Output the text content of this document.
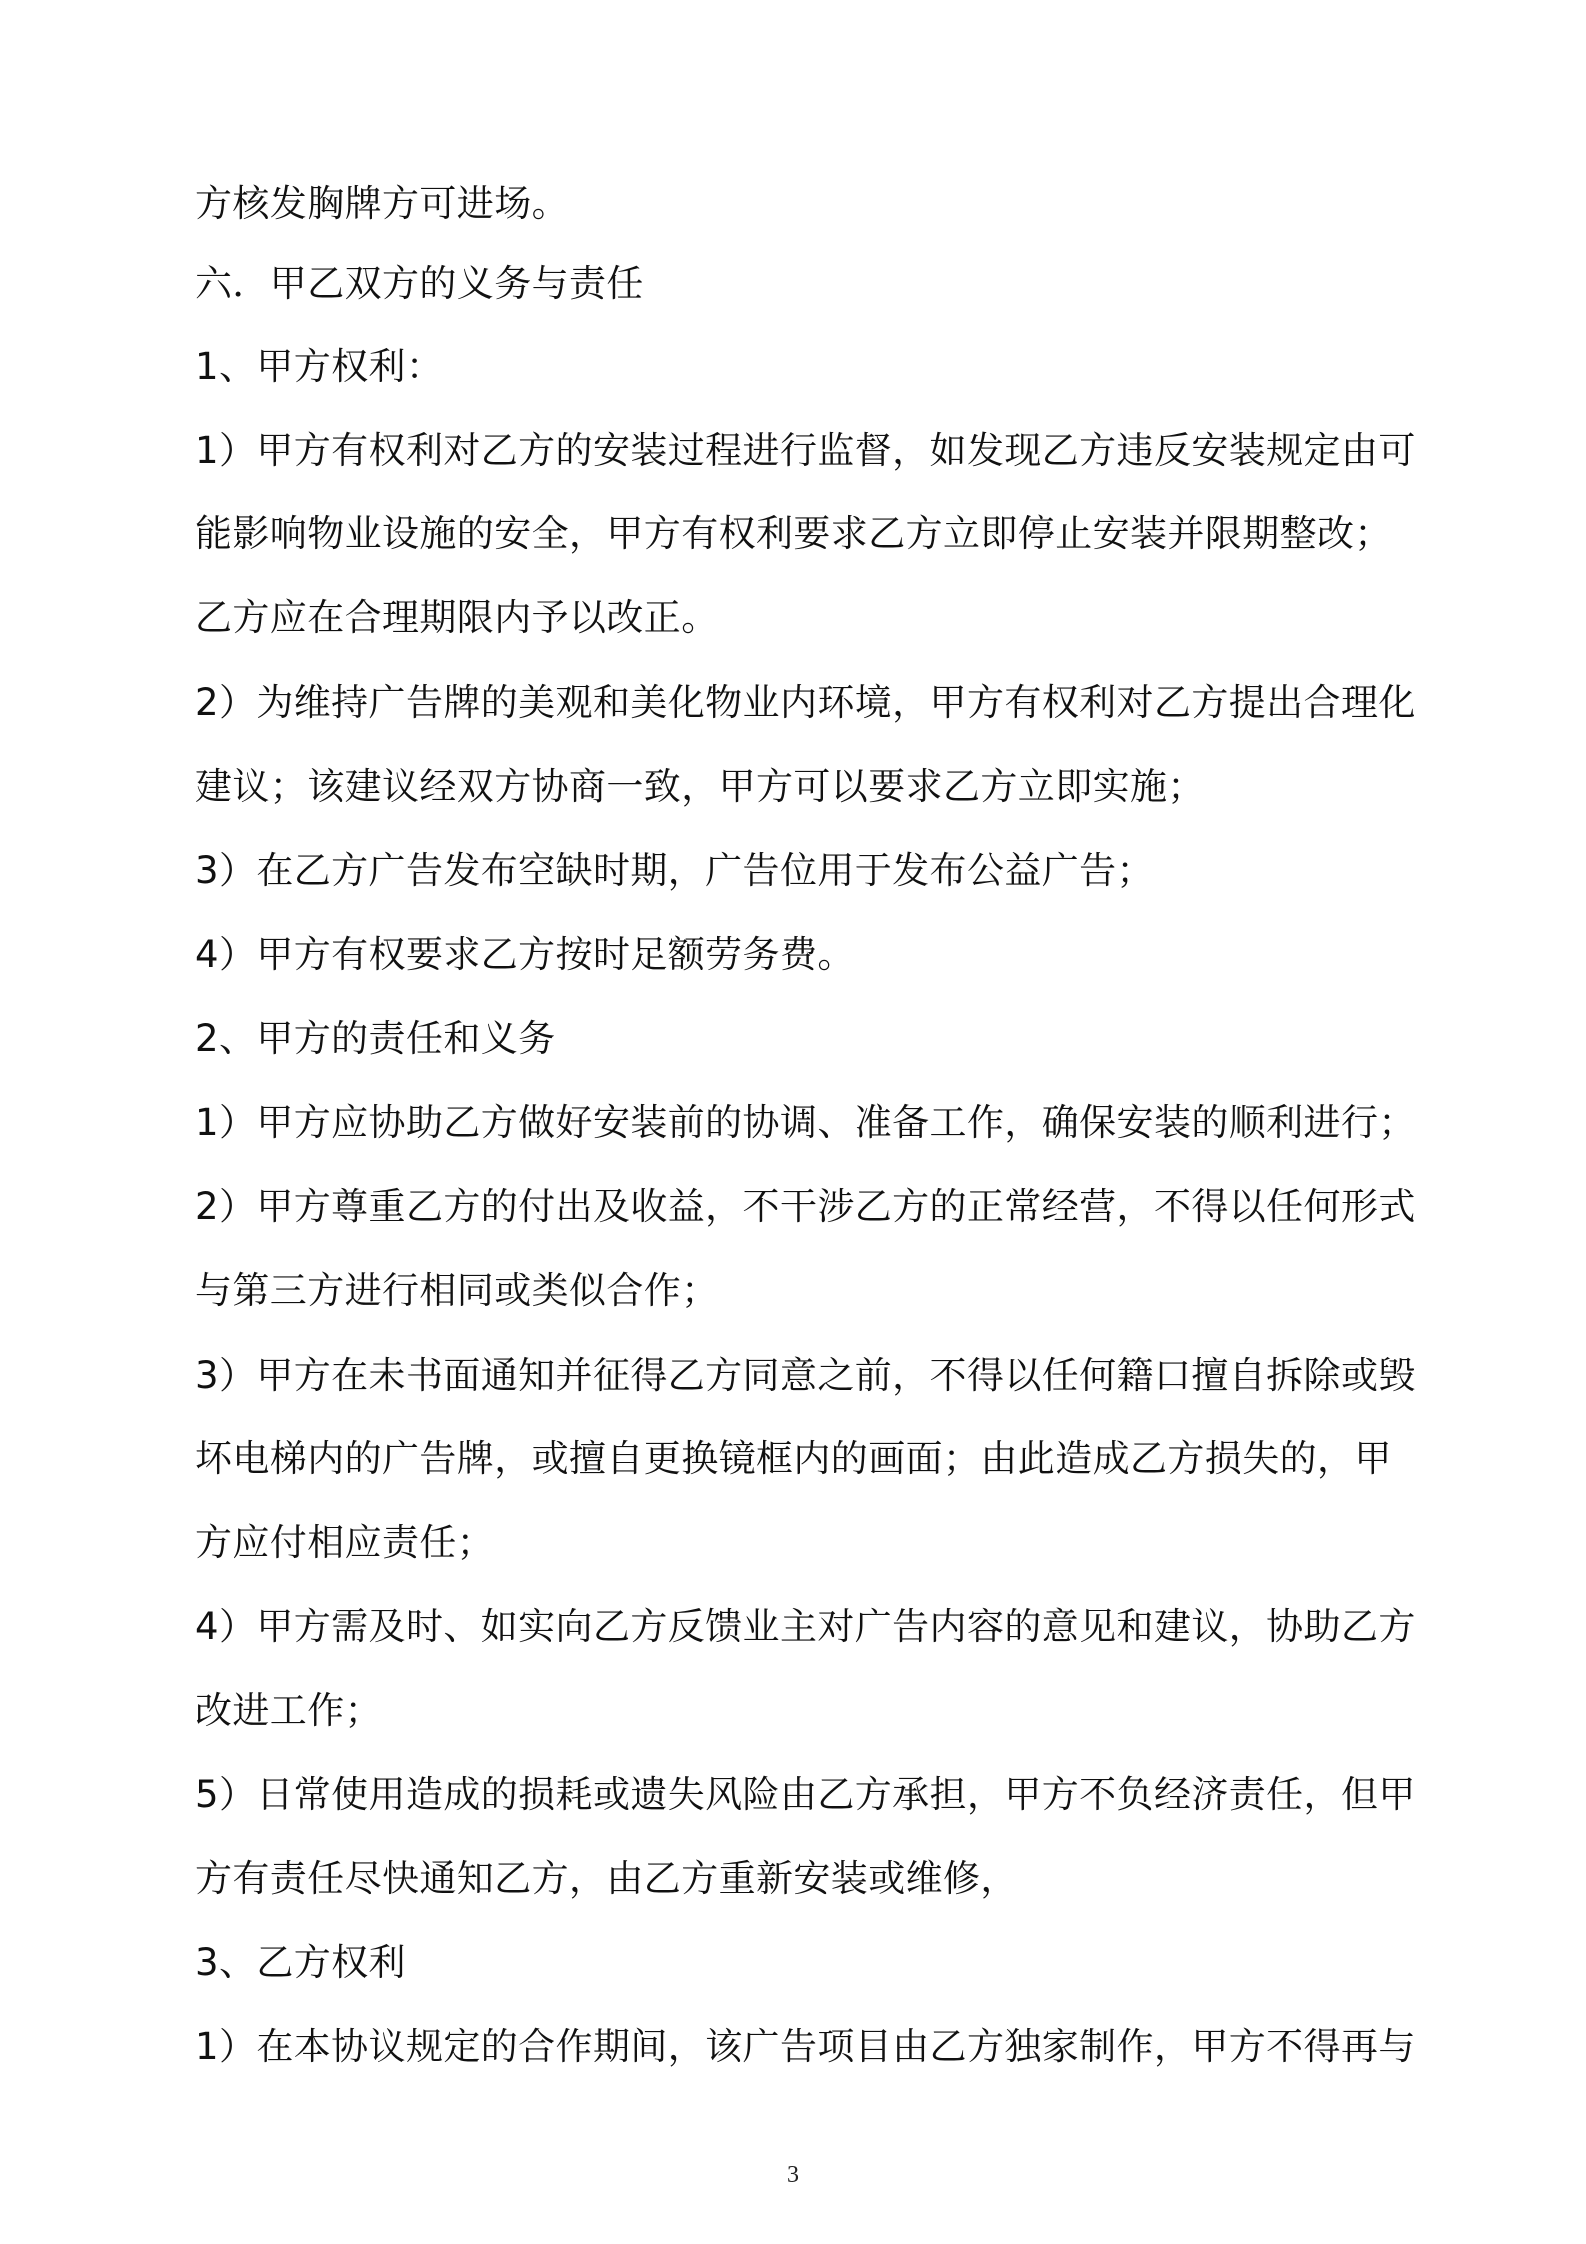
方核发胸牌方可进场。
六．甲乙双方的义务与责任
1、甲方权利：
1）甲方有权利对乙方的安装过程进行监督，如发现乙方违反安装规定由可
能影响物业设施的安全，甲方有权利要求乙方立即停止安装并限期整改；
乙方应在合理期限内予以改正。
2）为维持广告牌的美观和美化物业内环境，甲方有权利对乙方提出合理化
建议；该建议经双方协商一致，甲方可以要求乙方立即实施；
3）在乙方广告发布空缺时期，广告位用于发布公益广告；
4）甲方有权要求乙方按时足额劳务费。
2、甲方的责任和义务
1）甲方应协助乙方做好安装前的协调、准备工作，确保安装的顺利进行；
2）甲方尊重乙方的付出及收益，不干涉乙方的正常经营，不得以任何形式
与第三方进行相同或类似合作；
3）甲方在未书面通知并征得乙方同意之前，不得以任何籍口擅自拆除或毁
坏电梯内的广告牌，或擅自更换镜框内的画面；由此造成乙方损失的，甲
方应付相应责任；
4）甲方需及时、如实向乙方反馈业主对广告内容的意见和建议，协助乙方
改进工作；
5）日常使用造成的损耗或遗失风险由乙方承担，甲方不负经济责任，但甲
方有责任尽快通知乙方，由乙方重新安装或维修，
3、乙方权利
1）在本协议规定的合作期间，该广告项目由乙方独家制作，甲方不得再与
3
